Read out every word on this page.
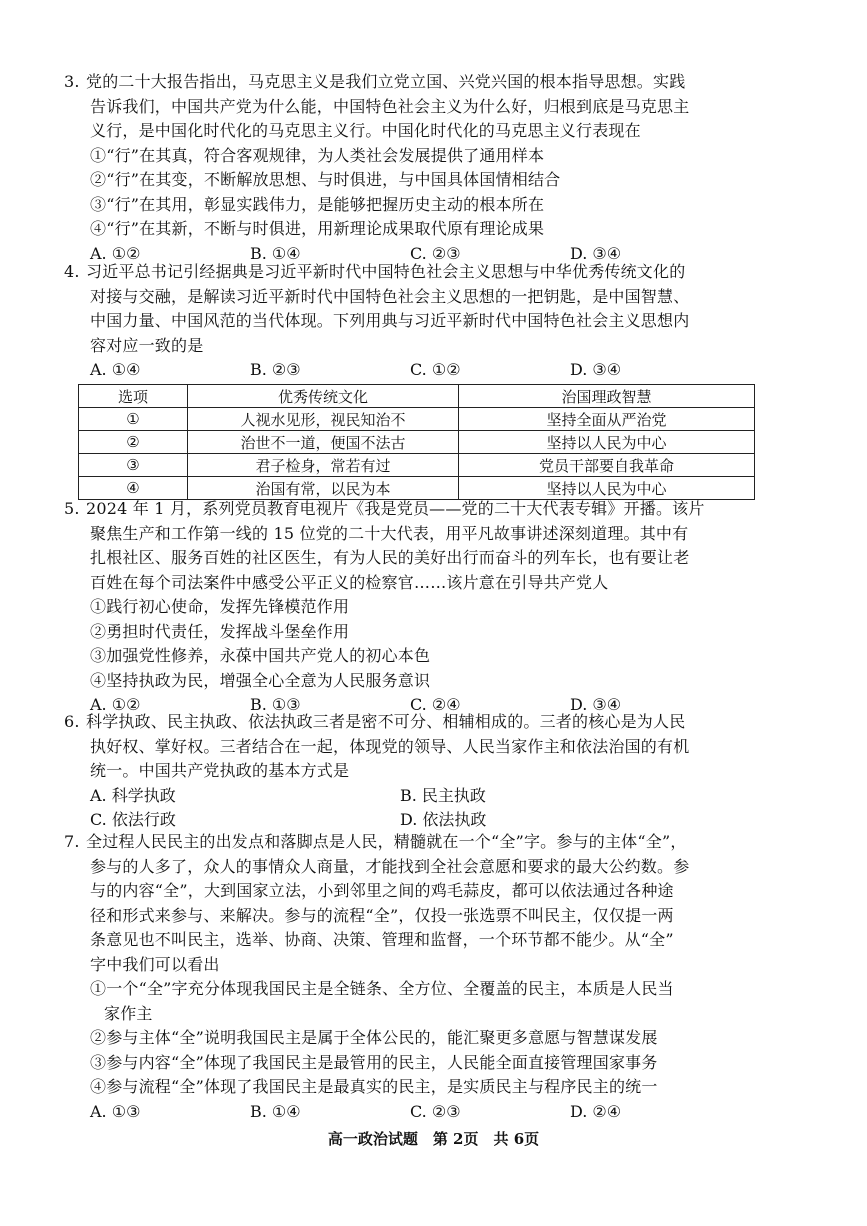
3. 党的二十大报告指出，马克思主义是我们立党立国、兴党兴国的根本指导思想。实践
告诉我们，中国共产党为什么能，中国特色社会主义为什么好，归根到底是马克思主
义行，是中国化时代化的马克思主义行。中国化时代化的马克思主义行表现在
①“行”在其真，符合客观规律，为人类社会发展提供了通用样本
②“行”在其变，不断解放思想、与时俱进，与中国具体国情相结合
③“行”在其用，彰显实践伟力，是能够把握历史主动的根本所在
④“行”在其新，不断与时俱进，用新理论成果取代原有理论成果
A. ①②	B. ①④	C. ②③	D. ③④
4. 习近平总书记引经据典是习近平新时代中国特色社会主义思想与中华优秀传统文化的
对接与交融，是解读习近平新时代中国特色社会主义思想的一把钥匙，是中国智慧、
中国力量、中国风范的当代体现。下列用典与习近平新时代中国特色社会主义思想内
容对应一致的是
A. ①④	B. ②③	C. ①②	D. ③④
选项	优秀传统文化	治国理政智慧
①	人视水见形，视民知治不	坚持全面从严治党
②	治世不一道，便国不法古	坚持以人民为中心
③	君子检身，常若有过	党员干部要自我革命
④	治国有常，以民为本	坚持以人民为中心
5. 2024 年 1 月，系列党员教育电视片《我是党员——党的二十大代表专辑》开播。该片
聚焦生产和工作第一线的 15 位党的二十大代表，用平凡故事讲述深刻道理。其中有
扎根社区、服务百姓的社区医生，有为人民的美好出行而奋斗的列车长，也有要让老
百姓在每个司法案件中感受公平正义的检察官……该片意在引导共产党人
①践行初心使命，发挥先锋模范作用
②勇担时代责任，发挥战斗堡垒作用
③加强党性修养，永葆中国共产党人的初心本色
④坚持执政为民，增强全心全意为人民服务意识
A. ①②	B. ①③	C. ②④	D. ③④
6. 科学执政、民主执政、依法执政三者是密不可分、相辅相成的。三者的核心是为人民
执好权、掌好权。三者结合在一起，体现党的领导、人民当家作主和依法治国的有机
统一。中国共产党执政的基本方式是
A. 科学执政	B. 民主执政
C. 依法行政	D. 依法执政
7. 全过程人民民主的出发点和落脚点是人民，精髓就在一个“全”字。参与的主体“全”，
参与的人多了，众人的事情众人商量，才能找到全社会意愿和要求的最大公约数。参
与的内容“全”，大到国家立法，小到邻里之间的鸡毛蒜皮，都可以依法通过各种途
径和形式来参与、来解决。参与的流程“全”，仅投一张选票不叫民主，仅仅提一两
条意见也不叫民主，选举、协商、决策、管理和监督，一个环节都不能少。从“全”
字中我们可以看出
①一个“全”字充分体现我国民主是全链条、全方位、全覆盖的民主，本质是人民当
家作主
②参与主体“全”说明我国民主是属于全体公民的，能汇聚更多意愿与智慧谋发展
③参与内容“全”体现了我国民主是最管用的民主，人民能全面直接管理国家事务
④参与流程“全”体现了我国民主是最真实的民主，是实质民主与程序民主的统一
A. ①③	B. ①④	C. ②③	D. ②④
高一政治试题　第 2页　共 6页
